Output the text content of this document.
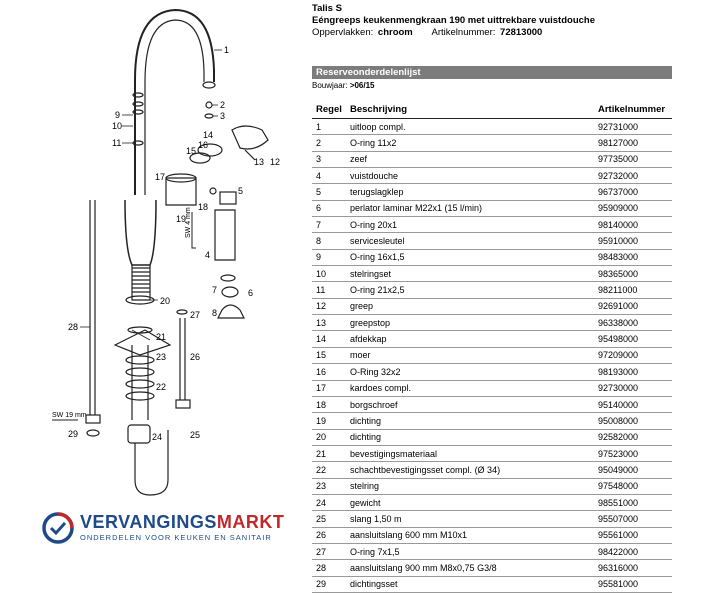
1
2
3
9
10
11
14
15
16
13 12
17
5
18
19
4
7	6
8
20
27
26
21
23
22
28
29	24	25
SW 4 mm
SW 19 mm
Talis S
Eéngreeps keukenmengkraan 190 met uittrekbare vuistdouche
Oppervlakken: chroom Artikelnummer: 72813000
Reserveonderdelenlijst
Bouwjaar: >06/15
Regel	Beschrijving	Artikelnummer
1	uitloop compl.	92731000
2	O-ring 11x2	98127000
3	zeef	97735000
4	vuistdouche	92732000
5	terugslagklep	96737000
6	perlator laminar M22x1 (15 l/min)	95909000
7	O-ring 20x1	98140000
8	servicesleutel	95910000
9	O-ring 16x1,5	98483000
10	stelringset	98365000
11	O-ring 21x2,5	98211000
12	greep	92691000
13	greepstop	96338000
14	afdekkap	95498000
15	moer	97209000
16	O-Ring 32x2	98193000
17	kardoes compl.	92730000
18	borgschroef	95140000
19	dichting	95008000
20	dichting	92582000
21	bevestigingsmateriaal	97523000
22	schachtbevestigingsset compl. (Ø 34)	95049000
23	stelring	97548000
24	gewicht	98551000
25	slang 1,50 m	95507000
26	aansluitslang 600 mm M10x1	95561000
27	O-ring 7x1,5	98422000
28	aansluitslang 900 mm M8x0,75 G3/8	96316000
29	dichtingsset	95581000
VERVANGINGSMARKT
ONDERDELEN VOOR KEUKEN EN SANITAIR
